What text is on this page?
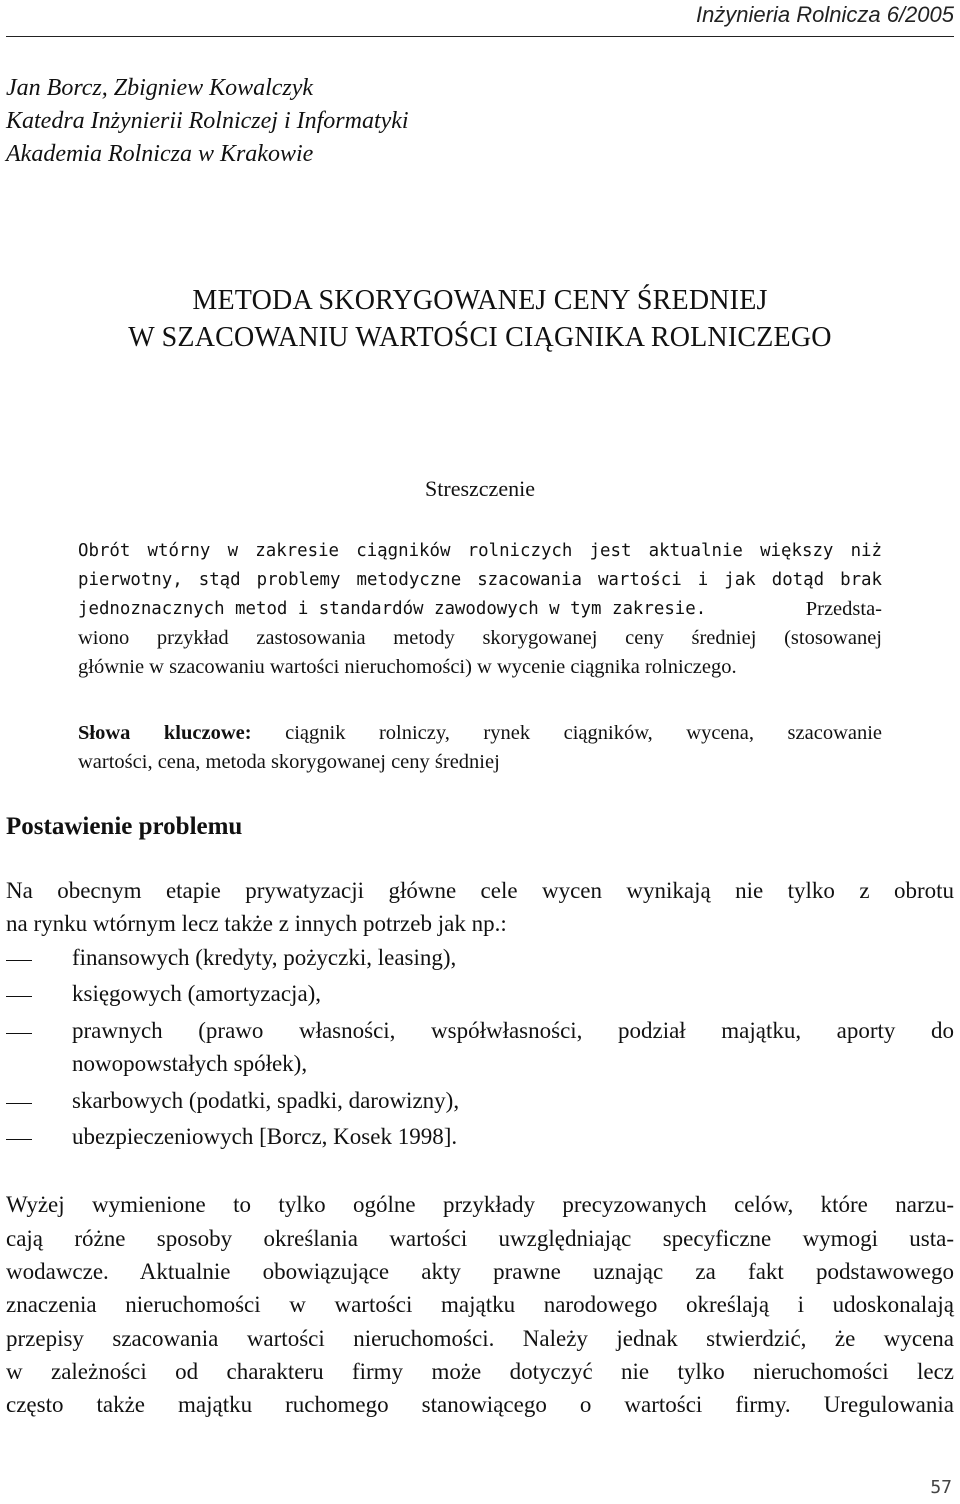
Inżynieria Rolnicza 6/2005
Jan Borcz, Zbigniew Kowalczyk
Katedra Inżynierii Rolniczej i Informatyki
Akademia Rolnicza w Krakowie
METODA SKORYGOWANEJ CENY ŚREDNIEJ
W SZACOWANIU WARTOŚCI CIĄGNIKA ROLNICZEGO
Streszczenie
Obrót wtórny w zakresie ciągników rolniczych jest aktualnie większy niż
pierwotny, stąd problemy metodyczne szacowania wartości i jak dotąd brak
jednoznacznych metod i standardów zawodowych w tym zakresie.	Przedsta-
wiono przykład zastosowania metody skorygowanej ceny średniej (stosowanej
głównie w szacowaniu wartości nieruchomości) w wycenie ciągnika rolniczego.
Słowa kluczowe: ciągnik rolniczy, rynek ciągników, wycena, szacowanie
wartości, cena, metoda skorygowanej ceny średniej
Postawienie problemu
Na obecnym etapie prywatyzacji główne cele wycen wynikają nie tylko z obrotu
na rynku wtórnym lecz także z innych potrzeb jak np.:
finansowych (kredyty, pożyczki, leasing),
księgowych (amortyzacja),
prawnych (prawo własności, współwłasności, podział majątku, aporty do
nowopowstałych spółek),
skarbowych (podatki, spadki, darowizny),
ubezpieczeniowych [Borcz, Kosek 1998].
Wyżej wymienione to tylko ogólne przykłady precyzowanych celów, które narzu-
cają różne sposoby określania wartości uwzględniając specyficzne wymogi usta-
wodawcze. Aktualnie obowiązujące akty prawne uznając za fakt podstawowego
znaczenia nieruchomości w wartości majątku narodowego określają i udoskonalają
przepisy szacowania wartości nieruchomości. Należy jednak stwierdzić, że wycena
w zależności od charakteru firmy może dotyczyć nie tylko nieruchomości lecz
często także majątku ruchomego stanowiącego o wartości firmy. Uregulowania
57
